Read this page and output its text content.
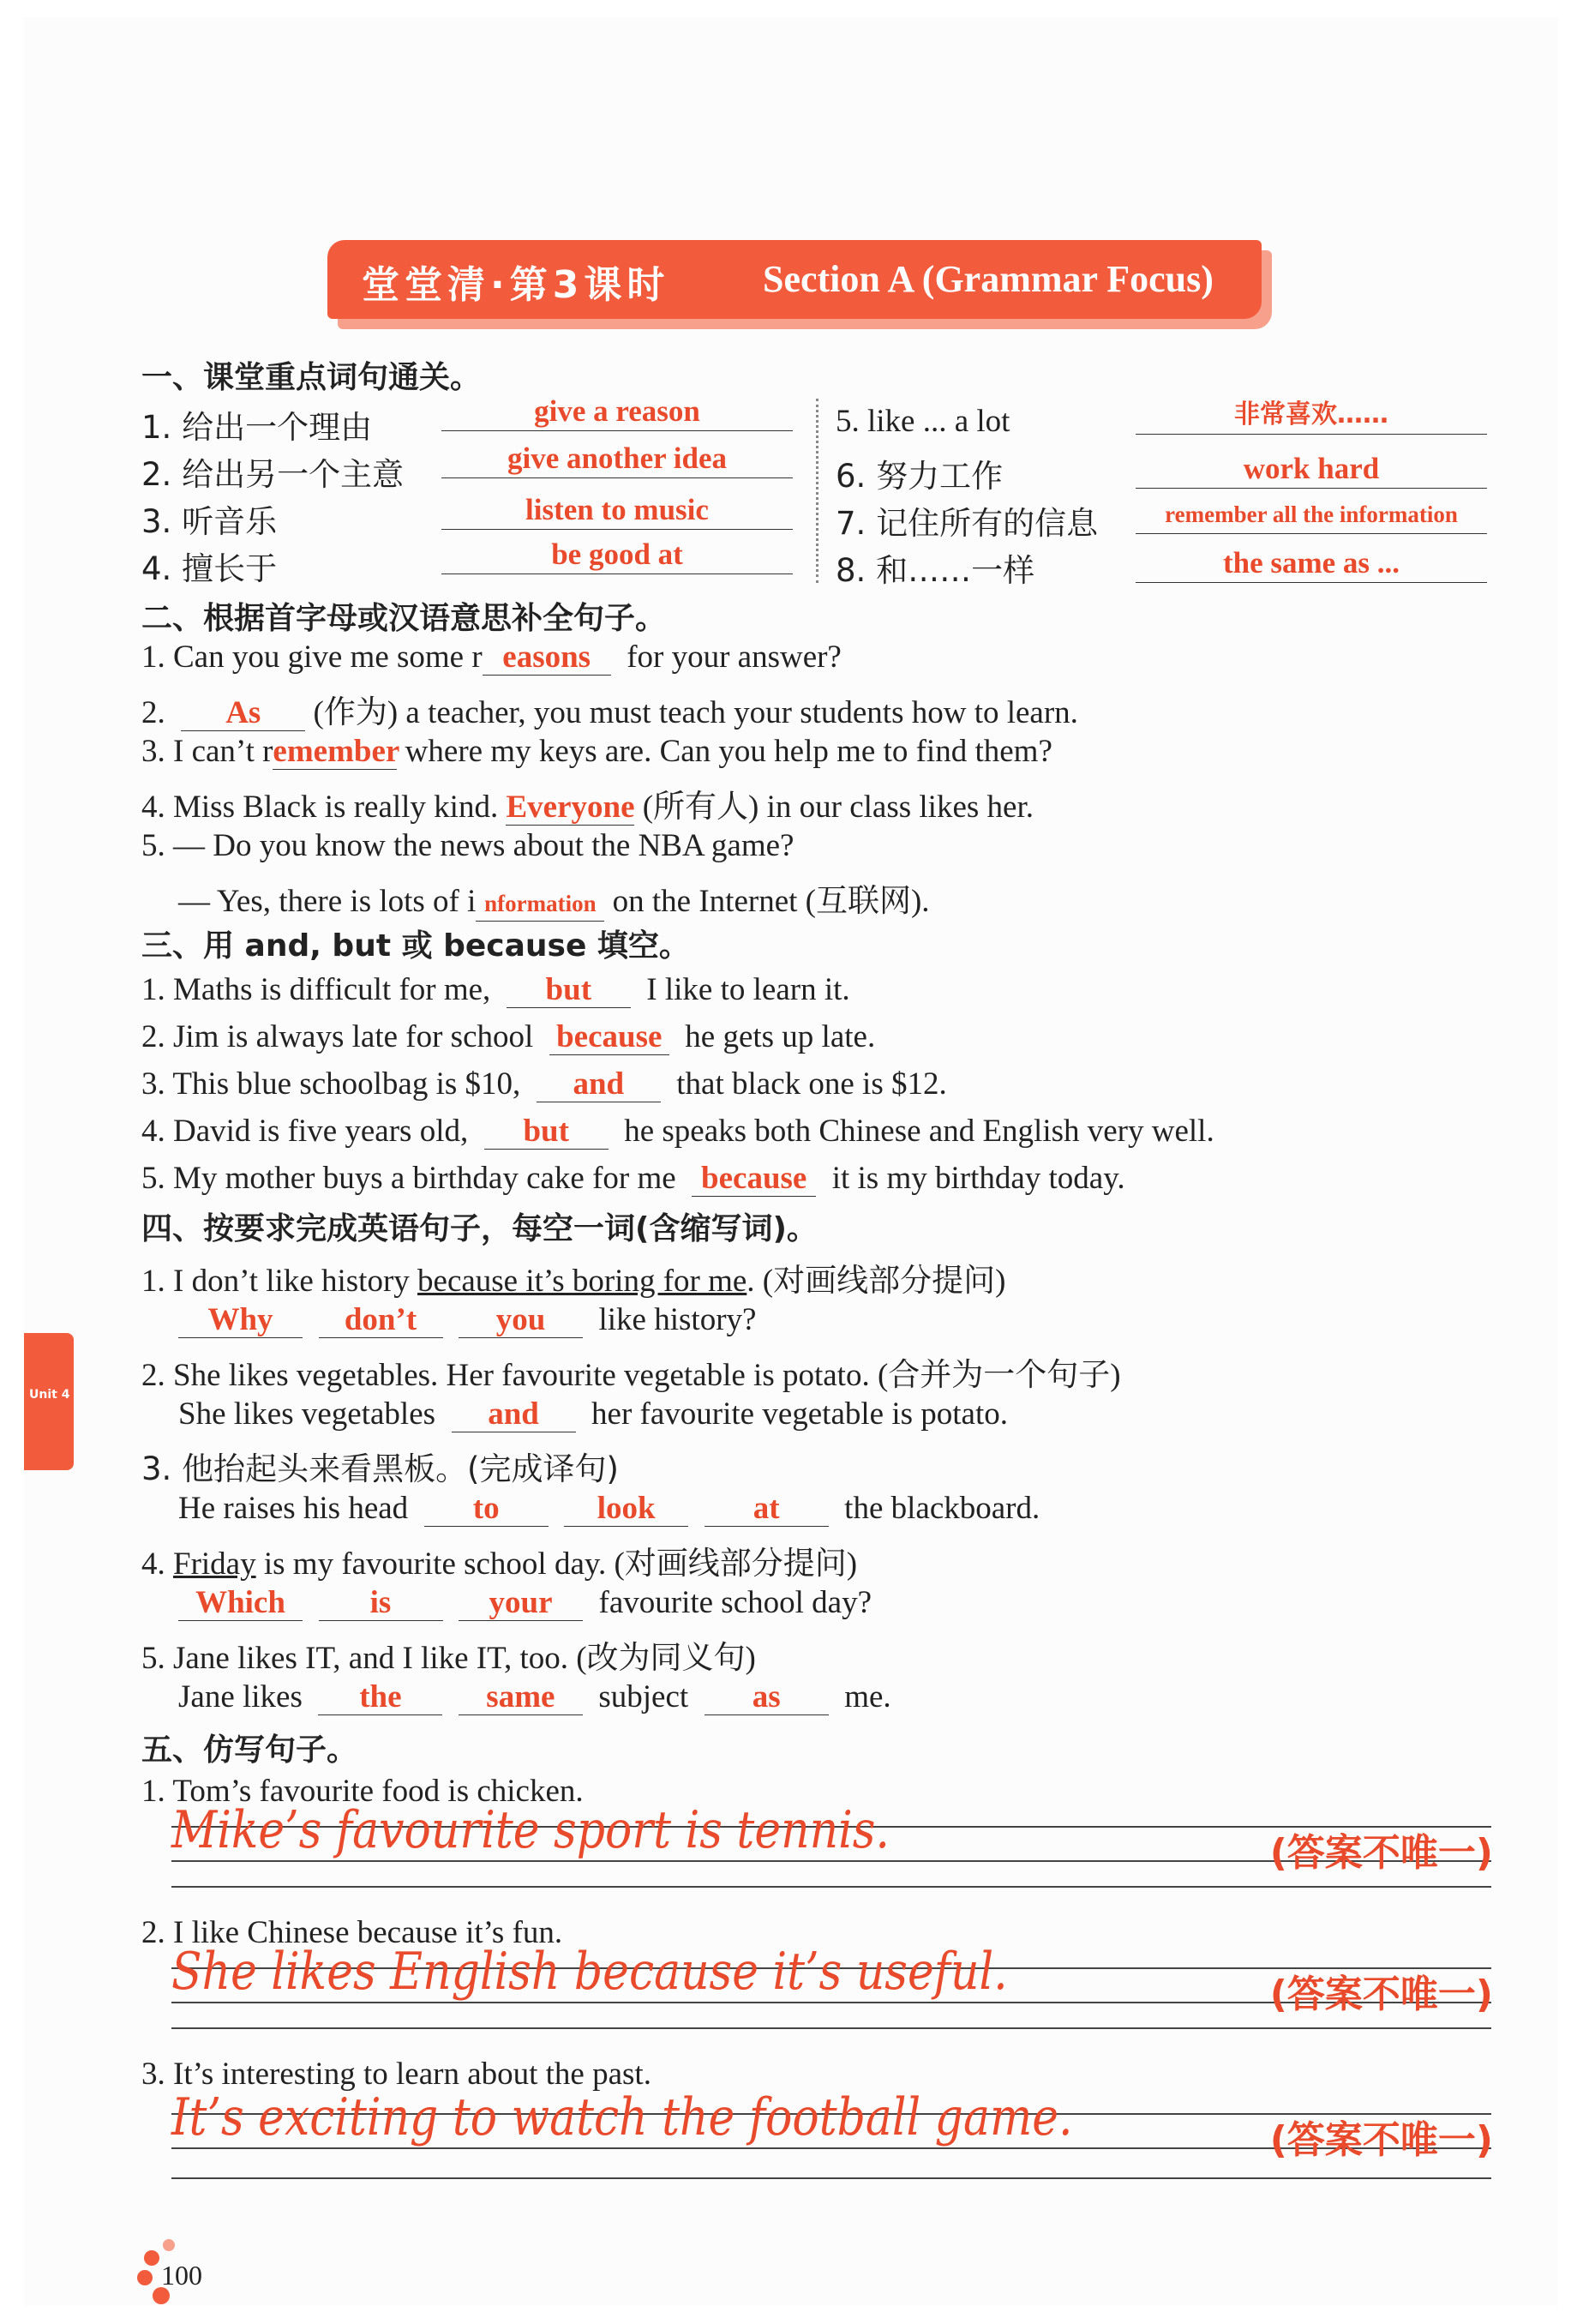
堂堂清·第3课时 Section A (Grammar Focus)
一、课堂重点词句通关。
1. 给出一个理由	give a reason
2. 给出另一个主意	give another idea
3. 听音乐	listen to music
4. 擅长于	be good at
5. like ... a lot	非常喜欢……
6. 努力工作	work hard
7. 记住所有的信息	remember all the information
8. 和……一样	the same as ...
二、根据首字母或汉语意思补全句子。
1. Can you give me some r easons for your answer?
2. As (作为) a teacher, you must teach your students how to learn.
3. I can’t remember where my keys are. Can you help me to find them?
4. Miss Black is really kind. Everyone (所有人) in our class likes her.
5. — Do you know the news about the NBA game?
— Yes, there is lots of i nformation on the Internet (互联网).
三、用 and, but 或 because 填空。
1. Maths is difficult for me, but I like to learn it.
2. Jim is always late for school because he gets up late.
3. This blue schoolbag is $10, and that black one is $12.
4. David is five years old, but he speaks both Chinese and English very well.
5. My mother buys a birthday cake for me because it is my birthday today.
四、按要求完成英语句子，每空一词(含缩写词)。
1. I don’t like history because it’s boring for me. (对画线部分提问)
Why don’t	you like history?
2. She likes vegetables. Her favourite vegetable is potato. (合并为一个句子)
She likes vegetables and her favourite vegetable is potato.
3. 他抬起头来看黑板。(完成译句)
He raises his head to	look	at the blackboard.
4. Friday is my favourite school day. (对画线部分提问)
Which	is	your favourite school day?
5. Jane likes IT, and I like IT, too. (改为同义句)
Jane likes the	same subject as me.
五、仿写句子。
1. Tom’s favourite food is chicken.
Mike’s favourite sport is tennis.	(答案不唯一)
2. I like Chinese because it’s fun.
She likes English because it’s useful.	(答案不唯一)
3. It’s interesting to learn about the past.
It’s exciting to watch the football game.	(答案不唯一)
Unit 4
100
